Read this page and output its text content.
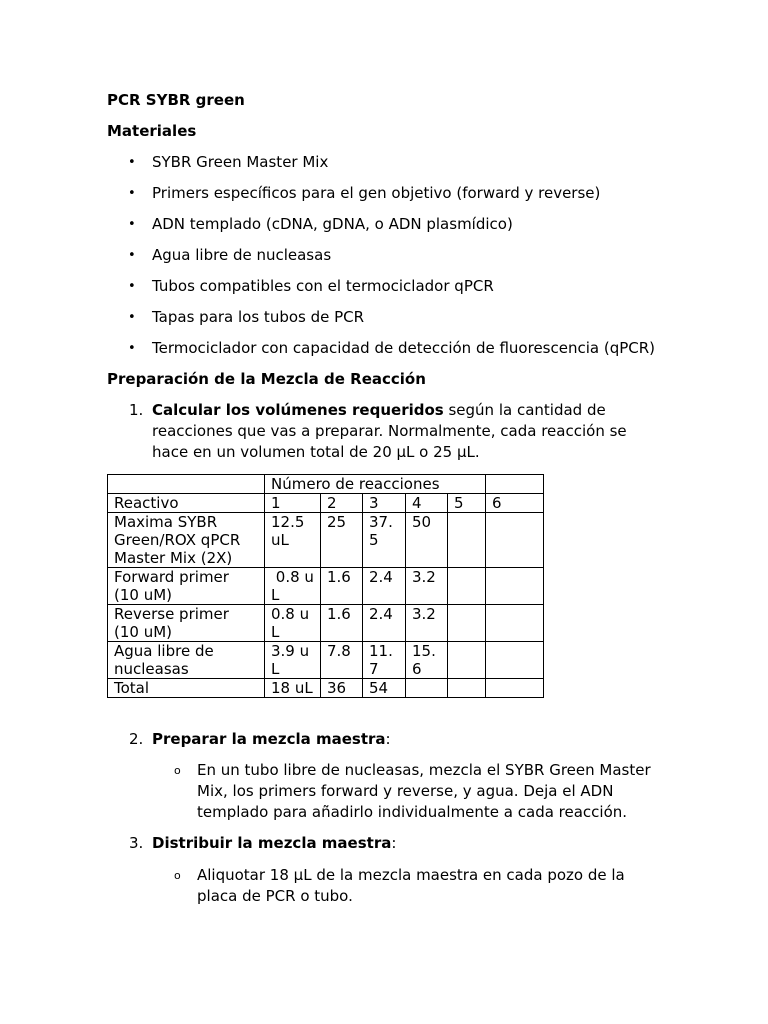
PCR SYBR green

Materiales

• SYBR Green Master Mix
• Primers específicos para el gen objetivo (forward y reverse)
• ADN templado (cDNA, gDNA, o ADN plasmídico)
• Agua libre de nucleasas
• Tubos compatibles con el termociclador qPCR
• Tapas para los tubos de PCR
• Termociclador con capacidad de detección de fluorescencia (qPCR)

Preparación de la Mezcla de Reacción

1. Calcular los volúmenes requeridos según la cantidad de reacciones que vas a preparar. Normalmente, cada reacción se hace en un volumen total de 20 µL o 25 µL.
	Número de reacciones					
Reactivo	1	2	3	4	5	6
Maxima SYBR Green/ROX qPCR Master Mix (2X)	12.5 uL	25	37.5	50		
Forward primer (10 uM)	0.8 uL	1.6	2.4	3.2		
Reverse primer (10 uM)	0.8 uL	1.6	2.4	3.2		
Agua libre de nucleasas	3.9 uL	7.8	11.7	15.6		
Total	18 uL	36	54			
2. Preparar la mezcla maestra:
o En un tubo libre de nucleasas, mezcla el SYBR Green Master Mix, los primers forward y reverse, y agua. Deja el ADN templado para añadirlo individualmente a cada reacción.
3. Distribuir la mezcla maestra:
o Aliquotar 18 µL de la mezcla maestra en cada pozo de la placa de PCR o tubo.
